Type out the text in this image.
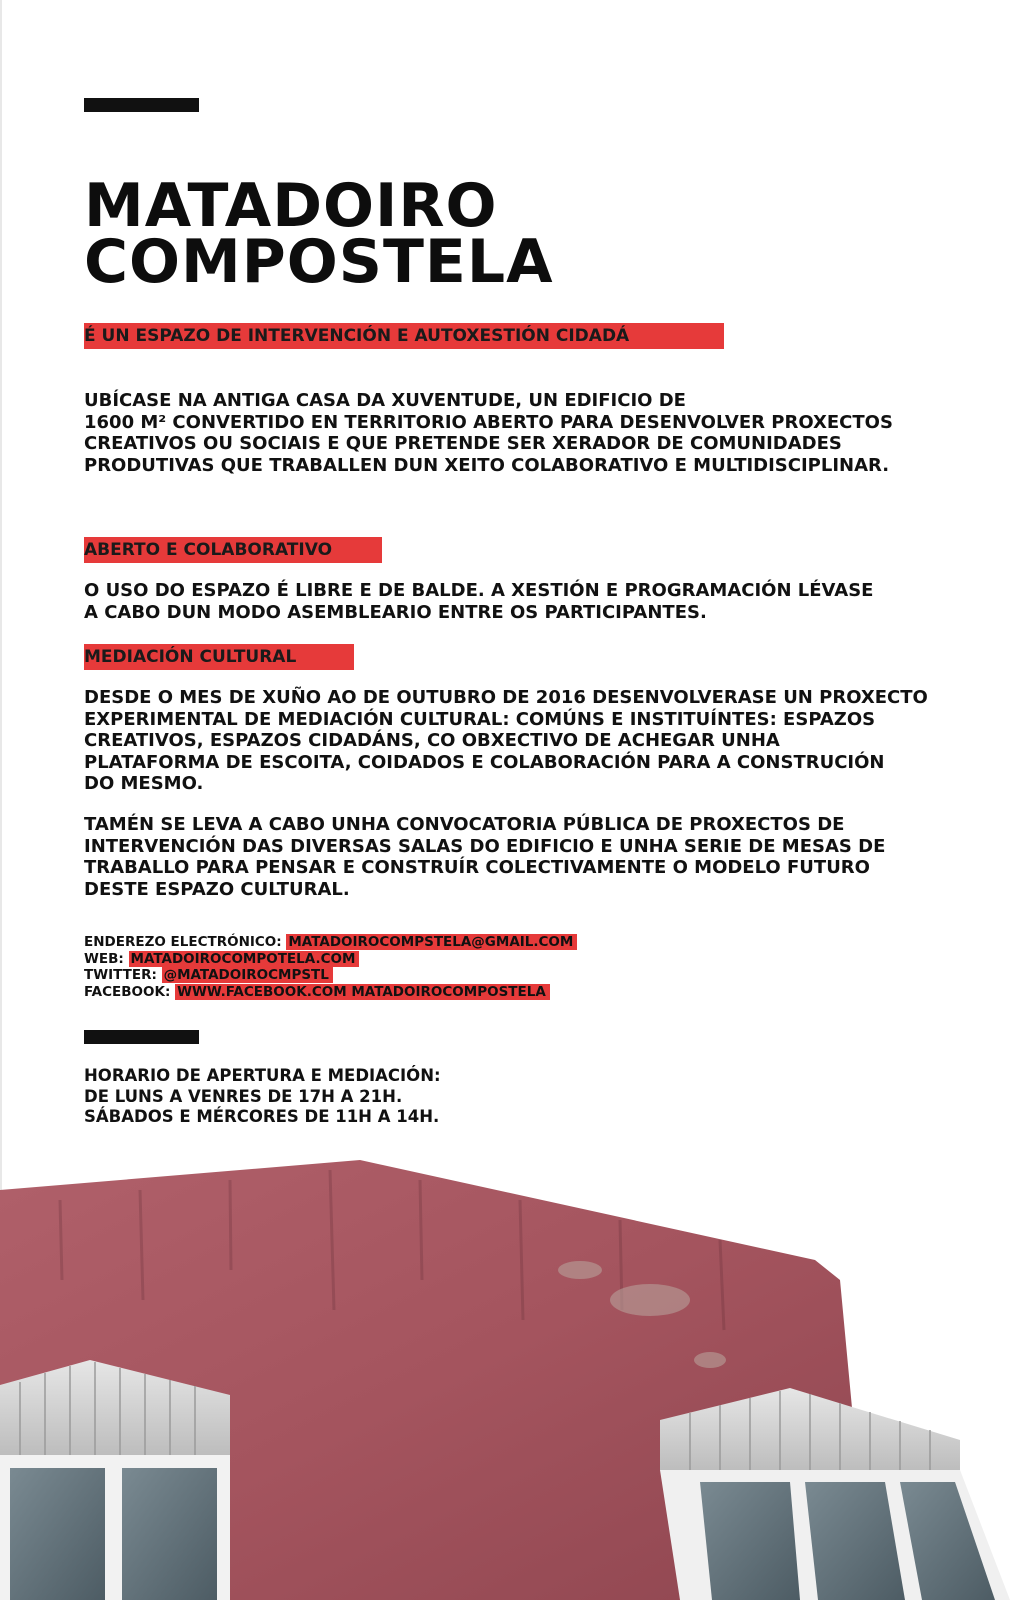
MATADOIRO
COMPOSTELA
É UN ESPAZO DE INTERVENCIÓN E AUTOXESTIÓN CIDADÁ

UBÍCASE NA ANTIGA CASA DA XUVENTUDE, UN EDIFICIO DE
1600 M² CONVERTIDO EN TERRITORIO ABERTO PARA DESENVOLVER PROXECTOS
CREATIVOS OU SOCIAIS E QUE PRETENDE SER XERADOR DE COMUNIDADES
PRODUTIVAS QUE TRABALLEN DUN XEITO COLABORATIVO E MULTIDISCIPLINAR.

ABERTO E COLABORATIVO

O USO DO ESPAZO É LIBRE E DE BALDE. A XESTIÓN E PROGRAMACIÓN LÉVASE
A CABO DUN MODO ASEMBLEARIO ENTRE OS PARTICIPANTES.

MEDIACIÓN CULTURAL

DESDE O MES DE XUÑO AO DE OUTUBRO DE 2016 DESENVOLVERASE UN PROXECTO
EXPERIMENTAL DE MEDIACIÓN CULTURAL: COMÚNS E INSTITUÍNTES: ESPAZOS
CREATIVOS, ESPAZOS CIDADÁNS, CO OBXECTIVO DE ACHEGAR UNHA
PLATAFORMA DE ESCOITA, COIDADOS E COLABORACIÓN PARA A CONSTRUCIÓN
DO MESMO.

TAMÉN SE LEVA A CABO UNHA CONVOCATORIA PÚBLICA DE PROXECTOS DE
INTERVENCIÓN DAS DIVERSAS SALAS DO EDIFICIO E UNHA SERIE DE MESAS DE
TRABALLO PARA PENSAR E CONSTRUÍR COLECTIVAMENTE O MODELO FUTURO
DESTE ESPAZO CULTURAL.

ENDEREZO ELECTRÓNICO: MATADOIROCOMPSTELA@GMAIL.COM
WEB: MATADOIROCOMPOTELA.COM
TWITTER: @MATADOIROCMPSTL
FACEBOOK: WWW.FACEBOOK.COM MATADOIROCOMPOSTELA
HORARIO DE APERTURA E MEDIACIÓN:
DE LUNS A VENRES DE 17H A 21H.
SÁBADOS E MÉRCORES DE 11H A 14H.
